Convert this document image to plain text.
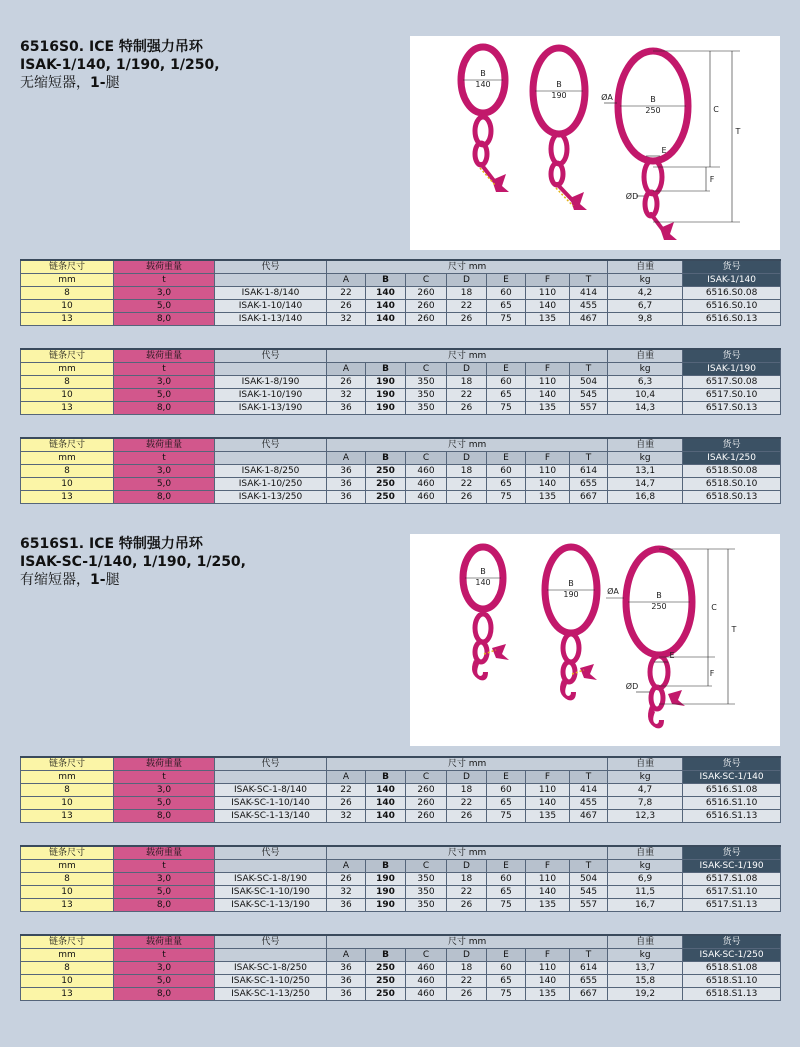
6516S0. ICE 特制强力吊环
ISAK-1/140, 1/190, 1/250,
无缩短器，1-腿
B
140	B
190	B
250
ØA
C
T
E
F
ØD
链条尺寸	载荷重量	代号	尺寸 mm							自重	货号
mm	t		A	B	C	D	E	F	T	kg	ISAK-1/140
8	3,0	ISAK-1-8/140	22	140	260	18	60	110	414	4,2	6516.S0.08
10	5,0	ISAK-1-10/140	26	140	260	22	65	140	455	6,7	6516.S0.10
13	8,0	ISAK-1-13/140	32	140	260	26	75	135	467	9,8	6516.S0.13
链条尺寸	载荷重量	代号	尺寸 mm							自重	货号
mm	t		A	B	C	D	E	F	T	kg	ISAK-1/190
8	3,0	ISAK-1-8/190	26	190	350	18	60	110	504	6,3	6517.S0.08
10	5,0	ISAK-1-10/190	32	190	350	22	65	140	545	10,4	6517.S0.10
13	8,0	ISAK-1-13/190	36	190	350	26	75	135	557	14,3	6517.S0.13
链条尺寸	载荷重量	代号	尺寸 mm							自重	货号
mm	t		A	B	C	D	E	F	T	kg	ISAK-1/250
8	3,0	ISAK-1-8/250	36	250	460	18	60	110	614	13,1	6518.S0.08
10	5,0	ISAK-1-10/250	36	250	460	22	65	140	655	14,7	6518.S0.10
13	8,0	ISAK-1-13/250	36	250	460	26	75	135	667	16,8	6518.S0.13
6516S1. ICE 特制强力吊环
ISAK-SC-1/140, 1/190, 1/250,
有缩短器，1-腿
B
140	B
190	B
250
ØA
C
T
E
F
ØD
链条尺寸	载荷重量	代号	尺寸 mm							自重	货号
mm	t		A	B	C	D	E	F	T	kg	ISAK-SC-1/140
8	3,0	ISAK-SC-1-8/140	22	140	260	18	60	110	414	4,7	6516.S1.08
10	5,0	ISAK-SC-1-10/140	26	140	260	22	65	140	455	7,8	6516.S1.10
13	8,0	ISAK-SC-1-13/140	32	140	260	26	75	135	467	12,3	6516.S1.13
链条尺寸	载荷重量	代号	尺寸 mm							自重	货号
mm	t		A	B	C	D	E	F	T	kg	ISAK-SC-1/190
8	3,0	ISAK-SC-1-8/190	26	190	350	18	60	110	504	6,9	6517.S1.08
10	5,0	ISAK-SC-1-10/190	32	190	350	22	65	140	545	11,5	6517.S1.10
13	8,0	ISAK-SC-1-13/190	36	190	350	26	75	135	557	16,7	6517.S1.13
链条尺寸	载荷重量	代号	尺寸 mm							自重	货号
mm	t		A	B	C	D	E	F	T	kg	ISAK-SC-1/250
8	3,0	ISAK-SC-1-8/250	36	250	460	18	60	110	614	13,7	6518.S1.08
10	5,0	ISAK-SC-1-10/250	36	250	460	22	65	140	655	15,8	6518.S1.10
13	8,0	ISAK-SC-1-13/250	36	250	460	26	75	135	667	19,2	6518.S1.13
